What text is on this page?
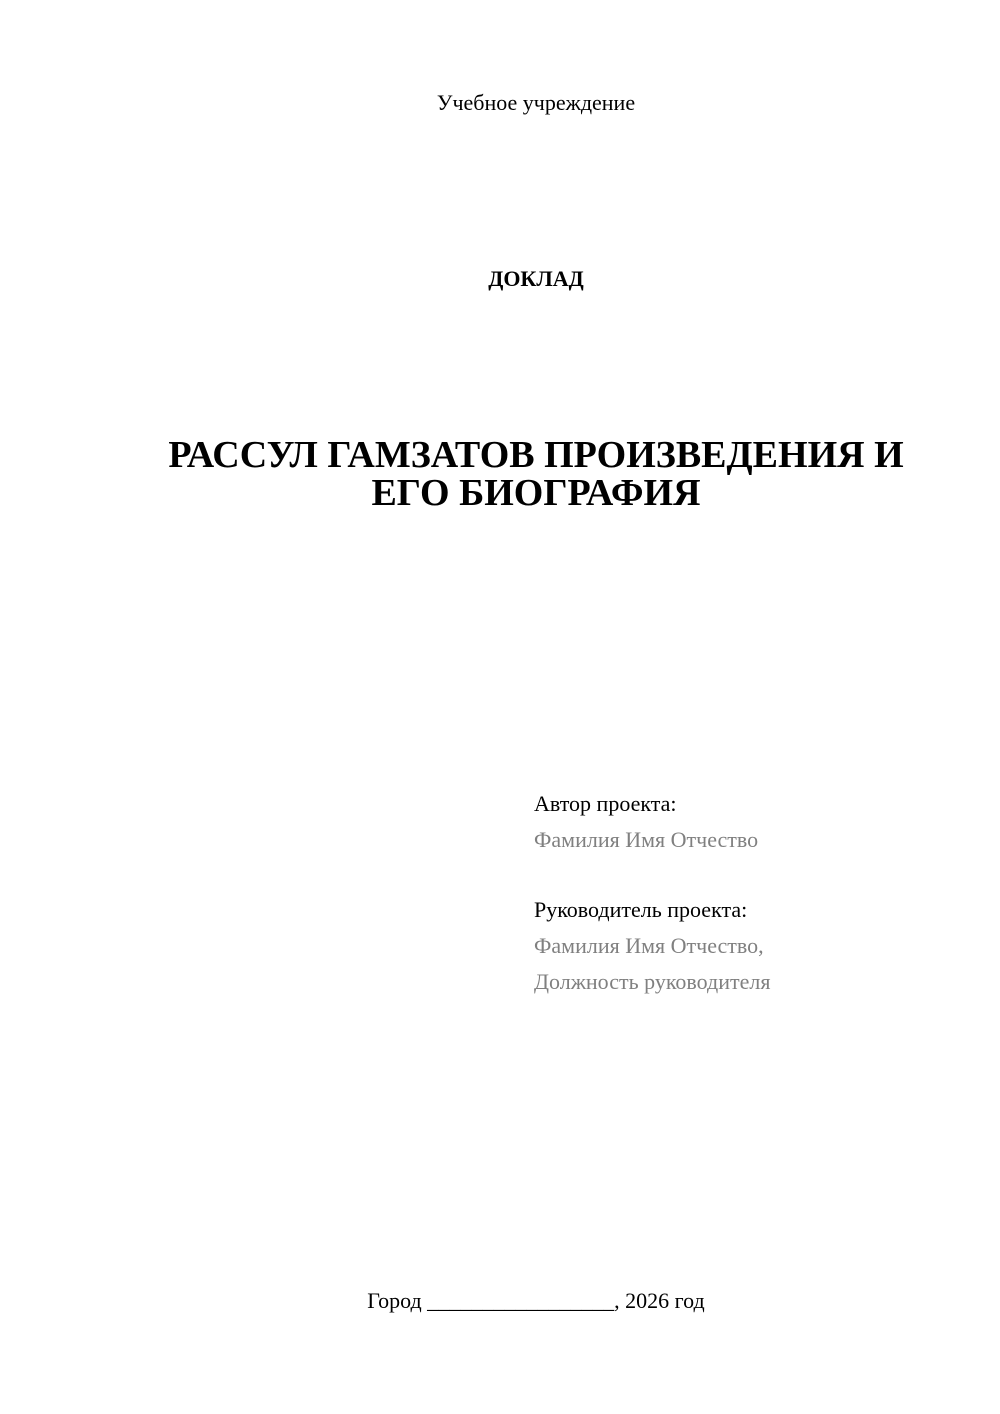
Учебное учреждение
ДОКЛАД
РАССУЛ ГАМЗАТОВ ПРОИЗВЕДЕНИЯ И
ЕГО БИОГРАФИЯ
Автор проекта:
Фамилия Имя Отчество
Руководитель проекта:
Фамилия Имя Отчество,
Должность руководителя
Город _________________, 2026 год
